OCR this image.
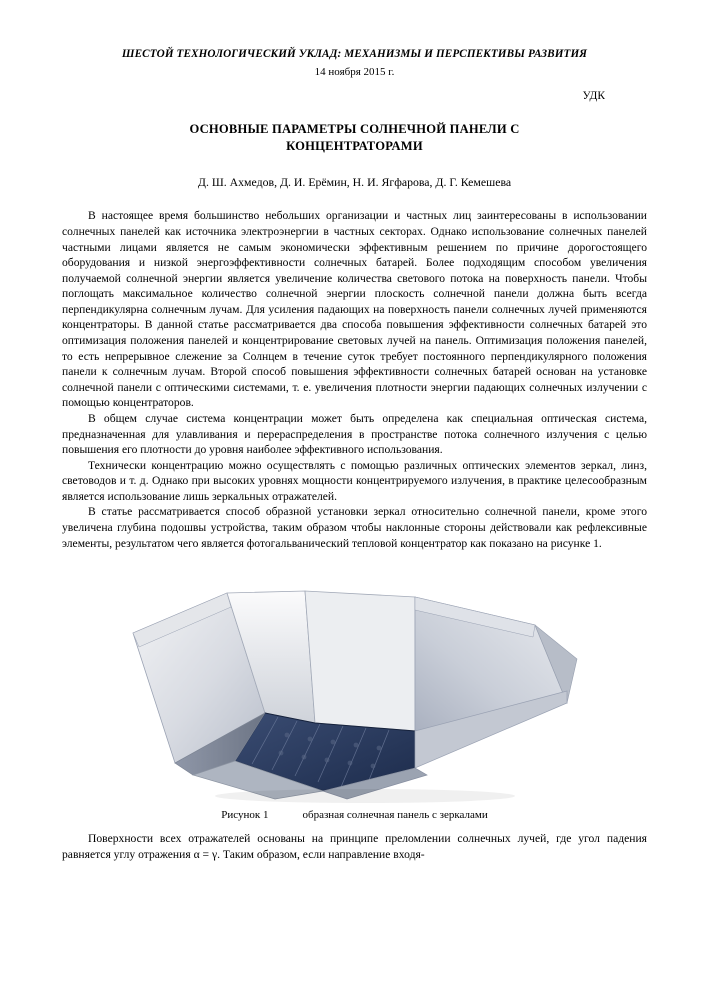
ШЕСТОЙ ТЕХНОЛОГИЧЕСКИЙ УКЛАД: МЕХАНИЗМЫ И ПЕРСПЕКТИВЫ РАЗВИТИЯ
14 ноября 2015 г.
УДК
ОСНОВНЫЕ ПАРАМЕТРЫ СОЛНЕЧНОЙ ПАНЕЛИ С КОНЦЕНТРАТОРАМИ
Д. Ш. Ахмедов, Д. И. Ерёмин, Н. И. Ягфарова, Д. Г. Кемешева

В настоящее время большинство небольших организации и частных лиц заинтересованы в использовании солнечных панелей как источника электроэнергии в частных секторах. Однако использование солнечных панелей частными лицами является не самым экономически эффективным решением по причине дорогостоящего оборудования и низкой энергоэффективности солнечных батарей. Более подходящим способом увеличения получаемой солнечной энергии является увеличение количества светового потока на поверхность панели. Чтобы поглощать максимальное количество солнечной энергии плоскость солнечной панели должна быть всегда перпендикулярна солнечным лучам. Для усиления падающих на поверхность панели солнечных лучей применяются концентраторы. В данной статье рассматривается два способа повышения эффективности солнечных батарей это оптимизация положения панелей и концентрирование световых лучей на панель. Оптимизация положения панелей, то есть непрерывное слежение за Солнцем в течение суток требует постоянного перпендикулярного положения панели к солнечным лучам. Второй способ повышения эффективности солнечных батарей основан на установке солнечной панели с оптическими системами, т. е. увеличения плотности энергии падающих солнечных излучении с помощью концентраторов.

В общем случае система концентрации может быть определена как специальная оптическая система, предназначенная для улавливания и перераспределения в пространстве потока солнечного излучения с целью повышения его плотности до уровня наиболее эффективного использования.

Технически концентрацию можно осуществлять с помощью различных оптических элементов зеркал, линз, световодов и т. д. Однако при высоких уровнях мощности концентрируемого излучения, в практике целесообразным является использование лишь зеркальных отражателей.

В статье рассматривается способ образной установки зеркал относительно солнечной панели, кроме этого увеличена глубина подошвы устройства, таким образом чтобы наклонные стороны действовали как рефлексивные элементы, результатом чего является фотогальванический тепловой концентратор как показано на рисунке 1.

Рисунок 1	образная солнечная панель с зеркалами

Поверхности всех отражателей основаны на принципе преломлении солнечных лучей, где угол падения равняется углу отражения α = γ. Таким образом, если направление входя-
